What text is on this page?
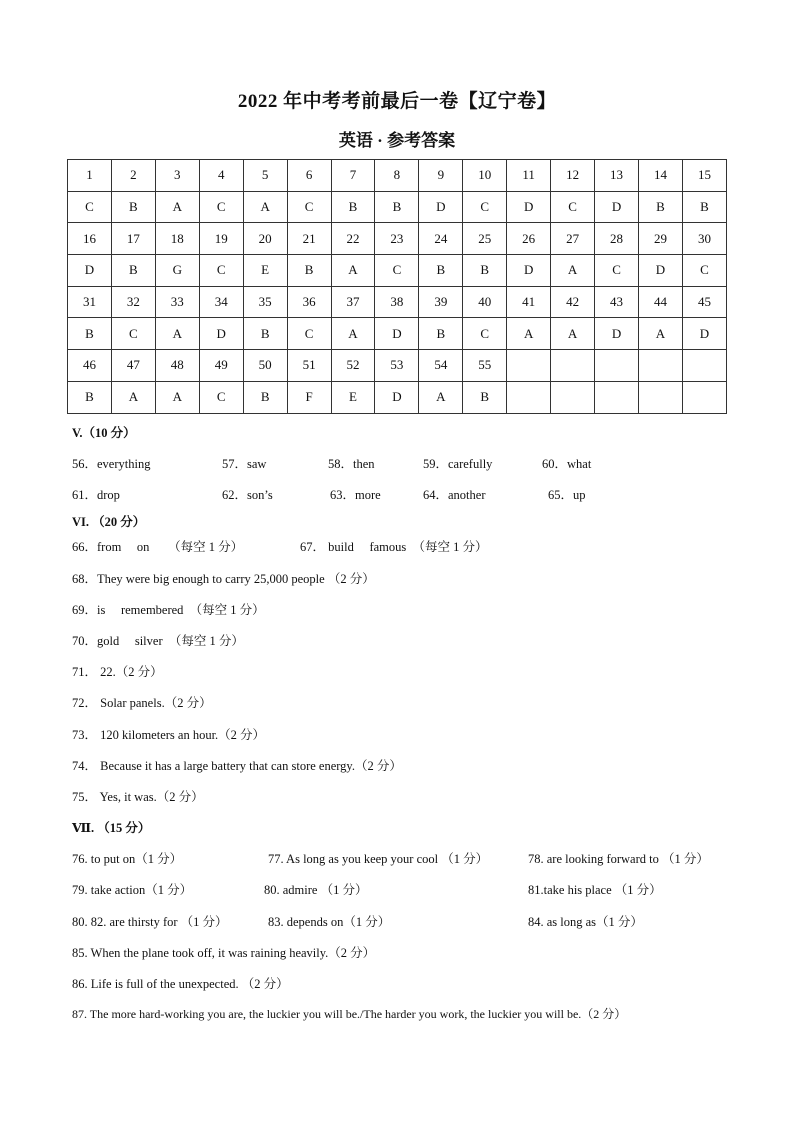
2022 年中考考前最后一卷【辽宁卷】
英语 · 参考答案
1	2	3	4	5	6	7	8	9	10	11	12	13	14	15
C	B	A	C	A	C	B	B	D	C	D	C	D	B	B
16	17	18	19	20	21	22	23	24	25	26	27	28	29	30
D	B	G	C	E	B	A	C	B	B	D	A	C	D	C
31	32	33	34	35	36	37	38	39	40	41	42	43	44	45
B	C	A	D	B	C	A	D	B	C	A	A	D	A	D
46	47	48	49	50	51	52	53	54	55					
B	A	A	C	B	F	E	D	A	B					
V.（10 分）
56．everything	57．saw	58．then	59．carefully	60．what
61．drop	62．son’s	63．more	64．another	65．up
VI. （20 分）
66．from　 on　　（每空 1 分）	67． build　 famous　（每空 1 分）
68．They were big enough to carry 25,000 people （2 分）
69．is　 remembered　（每空 1 分）
70．gold　 silver　（每空 1 分）
71． 22.（2 分）
72． Solar panels.（2 分）
73． 120 kilometers an hour.（2 分）
74． Because it has a large battery that can store energy.（2 分）
75． Yes, it was.（2 分）
Ⅶ. （15 分）
76. to put on（1 分）	77. As long as you keep your cool （1 分）	78. are looking forward to （1 分）
79. take action（1 分）	80. admire （1 分）	81.take his place （1 分）
80. 82. are thirsty for （1 分）	83. depends on（1 分）	84. as long as（1 分）
85. When the plane took off, it was raining heavily.（2 分）
86. Life is full of the unexpected. （2 分）
87. The more hard-working you are, the luckier you will be./The harder you work, the luckier you will be.（2 分）
